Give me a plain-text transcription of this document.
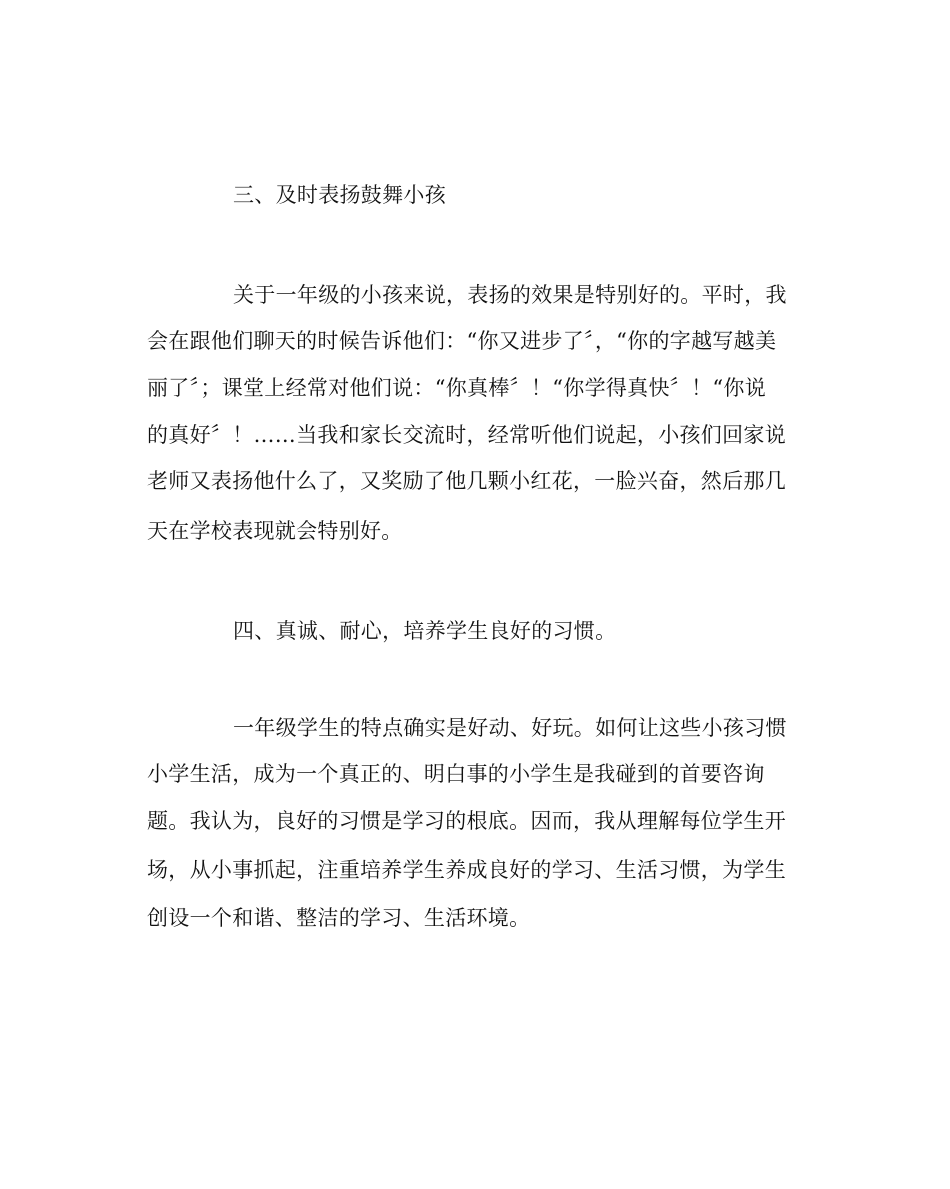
三、及时表扬鼓舞小孩
关于一年级的小孩来说，表扬的效果是特别好的。平时，我
会在跟他们聊天的时候告诉他们：“你又进步了〞，“你的字越写越美
丽了〞；课堂上经常对他们说：“你真棒〞！“你学得真快〞！“你说
的真好〞！……当我和家长交流时，经常听他们说起，小孩们回家说
老师又表扬他什么了，又奖励了他几颗小红花，一脸兴奋，然后那几
天在学校表现就会特别好。
四、真诚、耐心，培养学生良好的习惯。
一年级学生的特点确实是好动、好玩。如何让这些小孩习惯
小学生活，成为一个真正的、明白事的小学生是我碰到的首要咨询
题。我认为，良好的习惯是学习的根底。因而，我从理解每位学生开
场，从小事抓起，注重培养学生养成良好的学习、生活习惯，为学生
创设一个和谐、整洁的学习、生活环境。
